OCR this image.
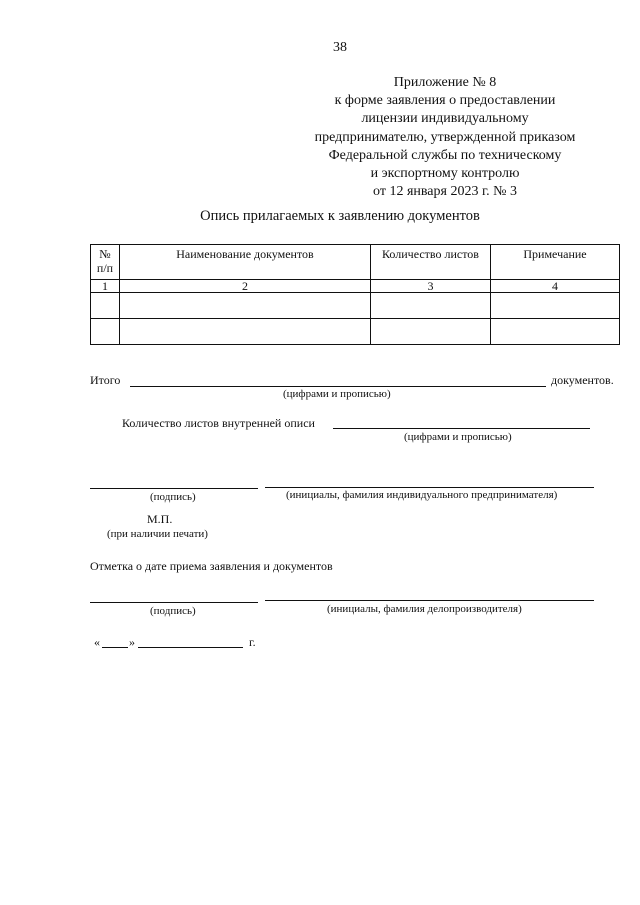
38
Приложение № 8
к форме заявления о предоставлении
лицензии индивидуальному
предпринимателю, утвержденной приказом
Федеральной службы по техническому
и экспортному контролю
от 12 января 2023 г. № 3
Опись прилагаемых к заявлению документов
№ п/п	Наименование документов	Количество листов	Примечание
1	2	3	4

Итого	документов.
(цифрами и прописью)
Количество листов внутренней описи
(цифрами и прописью)
(подпись)	(инициалы, фамилия индивидуального предпринимателя)
М.П.
(при наличии печати)
Отметка о дате приема заявления и документов
(подпись)	(инициалы, фамилия делопроизводителя)
« »	г.
